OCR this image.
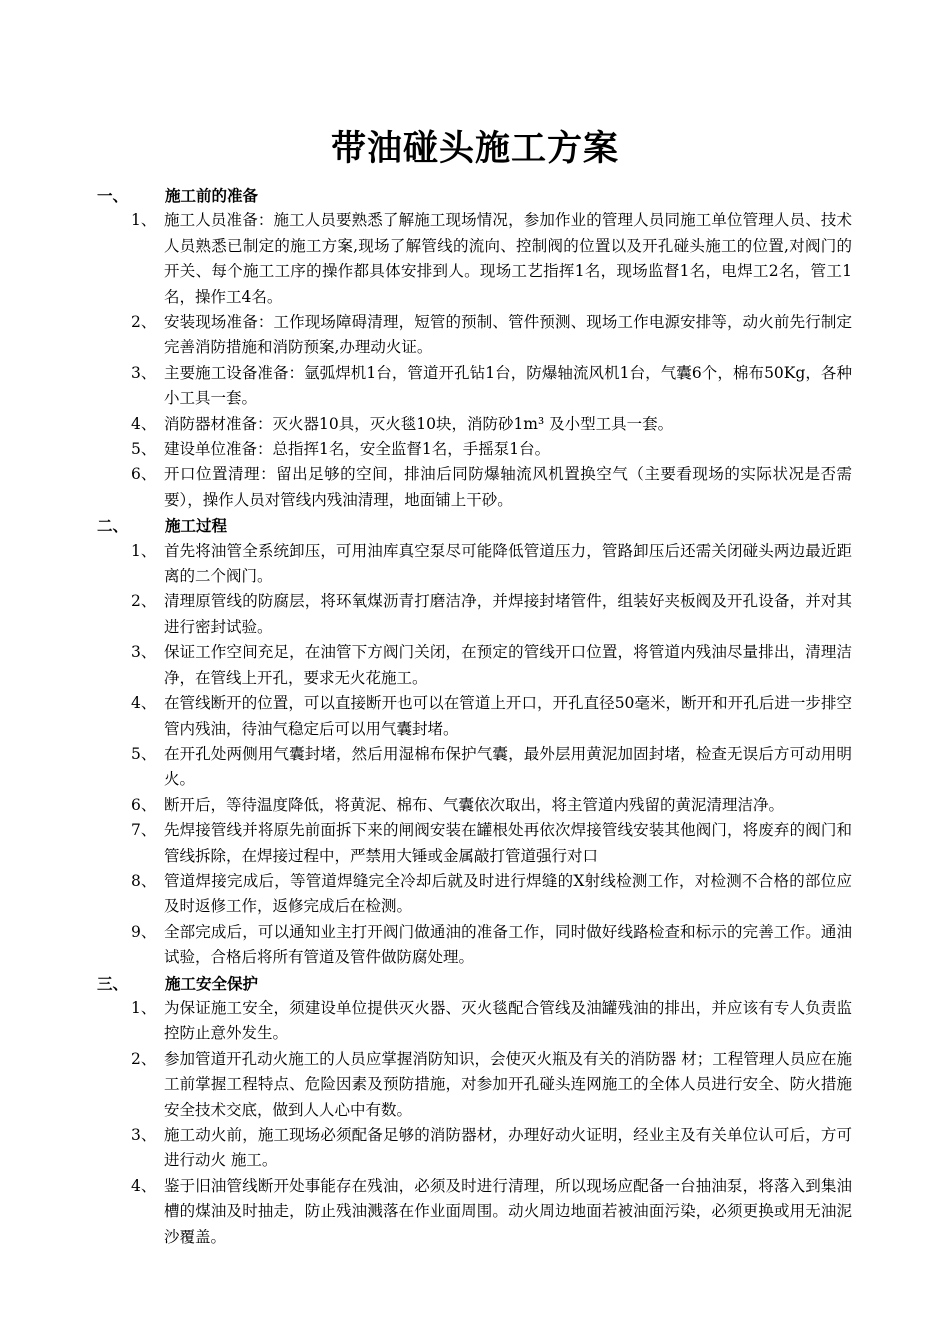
带油碰头施工方案
一、 施工前的准备
1、 施工人员准备：施工人员要熟悉了解施工现场情况，参加作业的管理人员同施工单位管理人员、技术人员熟悉已制定的施工方案,现场了解管线的流向、控制阀的位置以及开孔碰头施工的位置,对阀门的开关、每个施工工序的操作都具体安排到人。现场工艺指挥1名，现场监督1名，电焊工2名，管工1名，操作工4名。
2、 安装现场准备：工作现场障碍清理，短管的预制、管件预测、现场工作电源安排等，动火前先行制定完善消防措施和消防预案,办理动火证。
3、 主要施工设备准备：氩弧焊机1台，管道开孔钻1台，防爆轴流风机1台，气囊6个，棉布50Kg，各种小工具一套。
4、 消防器材准备：灭火器10具，灭火毯10块，消防砂1m³ 及小型工具一套。
5、 建设单位准备：总指挥1名，安全监督1名，手摇泵1台。
6、 开口位置清理：留出足够的空间，排油后同防爆轴流风机置换空气（主要看现场的实际状况是否需要），操作人员对管线内残油清理，地面铺上干砂。
二、 施工过程
1、 首先将油管全系统卸压，可用油库真空泵尽可能降低管道压力，管路卸压后还需关闭碰头两边最近距离的二个阀门。
2、 清理原管线的防腐层，将环氧煤沥青打磨洁净，并焊接封堵管件，组装好夹板阀及开孔设备，并对其进行密封试验。
3、 保证工作空间充足，在油管下方阀门关闭，在预定的管线开口位置，将管道内残油尽量排出，清理洁净，在管线上开孔，要求无火花施工。
4、 在管线断开的位置，可以直接断开也可以在管道上开口，开孔直径50毫米，断开和开孔后进一步排空管内残油，待油气稳定后可以用气囊封堵。
5、 在开孔处两侧用气囊封堵，然后用湿棉布保护气囊，最外层用黄泥加固封堵，检查无误后方可动用明火。
6、 断开后，等待温度降低，将黄泥、棉布、气囊依次取出，将主管道内残留的黄泥清理洁净。
7、 先焊接管线并将原先前面拆下来的闸阀安装在罐根处再依次焊接管线安装其他阀门，将废弃的阀门和管线拆除，在焊接过程中，严禁用大锤或金属敲打管道强行对口
8、 管道焊接完成后，等管道焊缝完全冷却后就及时进行焊缝的X射线检测工作，对检测不合格的部位应 及时返修工作，返修完成后在检测。
9、 全部完成后，可以通知业主打开阀门做通油的准备工作，同时做好线路检查和标示的完善工作。通油试验，合格后将所有管道及管件做防腐处理。
三、 施工安全保护
1、 为保证施工安全，须建设单位提供灭火器、灭火毯配合管线及油罐残油的排出，并应该有专人负责监控防止意外发生。
2、 参加管道开孔动火施工的人员应掌握消防知识，会使灭火瓶及有关的消防器 材；工程管理人员应在施工前掌握工程特点、危险因素及预防措施，对参加开孔碰头连网施工的全体人员进行安全、防火措施安全技术交底，做到人人心中有数。
3、 施工动火前，施工现场必须配备足够的消防器材，办理好动火证明，经业主及有关单位认可后，方可进行动火 施工。
4、 鉴于旧油管线断开处事能存在残油，必须及时进行清理，所以现场应配备一台抽油泵，将落入到集油槽的煤油及时抽走，防止残油溅落在作业面周围。动火周边地面若被油面污染，必须更换或用无油泥沙覆盖。
